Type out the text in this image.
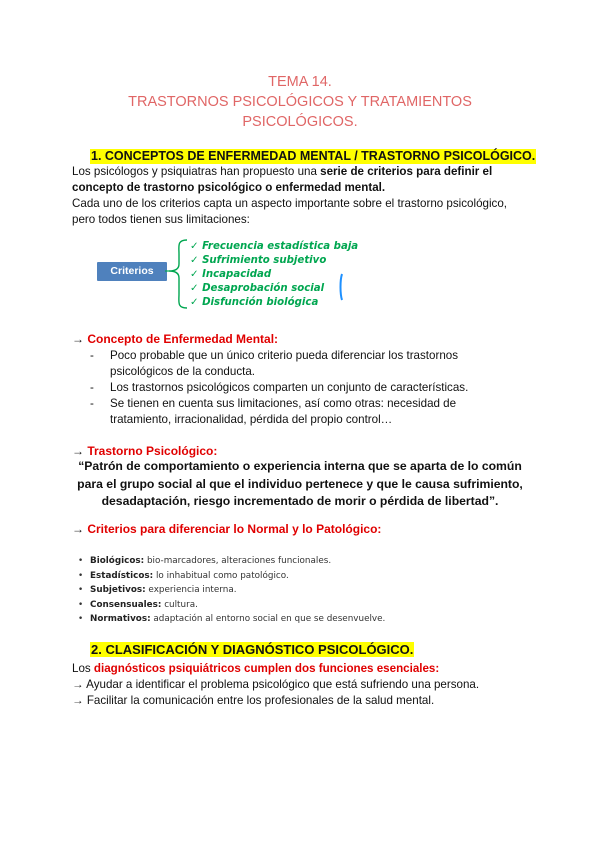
TEMA 14.
TRASTORNOS PSICOLÓGICOS Y TRATAMIENTOS
PSICOLÓGICOS.
1. CONCEPTOS DE ENFERMEDAD MENTAL / TRASTORNO PSICOLÓGICO.
Los psicólogos y psiquiatras han propuesto una serie de criterios para definir el
concepto de trastorno psicológico o enfermedad mental.
Cada uno de los criterios capta un aspecto importante sobre el trastorno psicológico,
pero todos tienen sus limitaciones:
Criterios
✓ Frecuencia estadística baja
✓ Sufrimiento subjetivo
✓ Incapacidad
✓ Desaprobación social
✓ Disfunción biológica
→ Concepto de Enfermedad Mental:
- Poco probable que un único criterio pueda diferenciar los trastornos psicológicos de la conducta.
- Los trastornos psicológicos comparten un conjunto de características.
- Se tienen en cuenta sus limitaciones, así como otras: necesidad de tratamiento, irracionalidad, pérdida del propio control…
→ Trastorno Psicológico:
“Patrón de comportamiento o experiencia interna que se aparta de lo común para el grupo social al que el individuo pertenece y que le causa sufrimiento, desadaptación, riesgo incrementado de morir o pérdida de libertad”.
→ Criterios para diferenciar lo Normal y lo Patológico:
• Biológicos: bio-marcadores, alteraciones funcionales.
• Estadísticos: lo inhabitual como patológico.
• Subjetivos: experiencia interna.
• Consensuales: cultura.
• Normativos: adaptación al entorno social en que se desenvuelve.
2. CLASIFICACIÓN Y DIAGNÓSTICO PSICOLÓGICO.
Los diagnósticos psiquiátricos cumplen dos funciones esenciales:
→ Ayudar a identificar el problema psicológico que está sufriendo una persona.
→ Facilitar la comunicación entre los profesionales de la salud mental.
